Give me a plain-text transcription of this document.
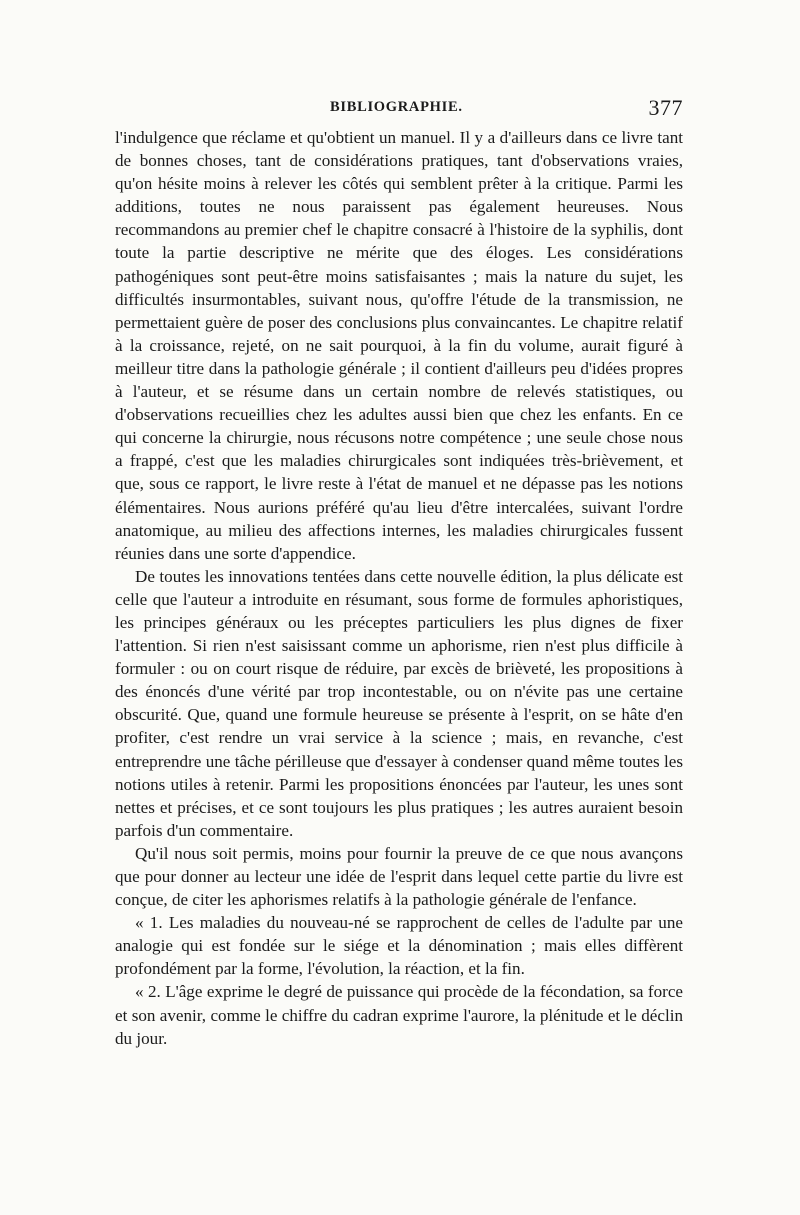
BIBLIOGRAPHIE.	377

l'indulgence que réclame et qu'obtient un manuel. Il y a d'ailleurs dans ce livre tant de bonnes choses, tant de considérations pratiques, tant d'observations vraies, qu'on hésite moins à relever les côtés qui semblent prêter à la critique. Parmi les additions, toutes ne nous paraissent pas également heureuses. Nous recommandons au premier chef le chapitre consacré à l'histoire de la syphilis, dont toute la partie descriptive ne mérite que des éloges. Les considérations pathogéniques sont peut-être moins satisfaisantes ; mais la nature du sujet, les difficultés insurmontables, suivant nous, qu'offre l'étude de la transmission, ne permettaient guère de poser des conclusions plus convaincantes. Le chapitre relatif à la croissance, rejeté, on ne sait pourquoi, à la fin du volume, aurait figuré à meilleur titre dans la pathologie générale ; il contient d'ailleurs peu d'idées propres à l'auteur, et se résume dans un certain nombre de relevés statistiques, ou d'observations recueillies chez les adultes aussi bien que chez les enfants. En ce qui concerne la chirurgie, nous récusons notre compétence ; une seule chose nous a frappé, c'est que les maladies chirurgicales sont indiquées très-brièvement, et que, sous ce rapport, le livre reste à l'état de manuel et ne dépasse pas les notions élémentaires. Nous aurions préféré qu'au lieu d'être intercalées, suivant l'ordre anatomique, au milieu des affections internes, les maladies chirurgicales fussent réunies dans une sorte d'appendice.

De toutes les innovations tentées dans cette nouvelle édition, la plus délicate est celle que l'auteur a introduite en résumant, sous forme de formules aphoristiques, les principes généraux ou les préceptes particuliers les plus dignes de fixer l'attention. Si rien n'est saisissant comme un aphorisme, rien n'est plus difficile à formuler : ou on court risque de réduire, par excès de brièveté, les propositions à des énoncés d'une vérité par trop incontestable, ou on n'évite pas une certaine obscurité. Que, quand une formule heureuse se présente à l'esprit, on se hâte d'en profiter, c'est rendre un vrai service à la science ; mais, en revanche, c'est entreprendre une tâche périlleuse que d'essayer à condenser quand même toutes les notions utiles à retenir. Parmi les propositions énoncées par l'auteur, les unes sont nettes et précises, et ce sont toujours les plus pratiques ; les autres auraient besoin parfois d'un commentaire.

Qu'il nous soit permis, moins pour fournir la preuve de ce que nous avançons que pour donner au lecteur une idée de l'esprit dans lequel cette partie du livre est conçue, de citer les aphorismes relatifs à la pathologie générale de l'enfance.

« 1. Les maladies du nouveau-né se rapprochent de celles de l'adulte par une analogie qui est fondée sur le siége et la dénomination ; mais elles diffèrent profondément par la forme, l'évolution, la réaction, et la fin.

« 2. L'âge exprime le degré de puissance qui procède de la fécondation, sa force et son avenir, comme le chiffre du cadran exprime l'aurore, la plénitude et le déclin du jour.
